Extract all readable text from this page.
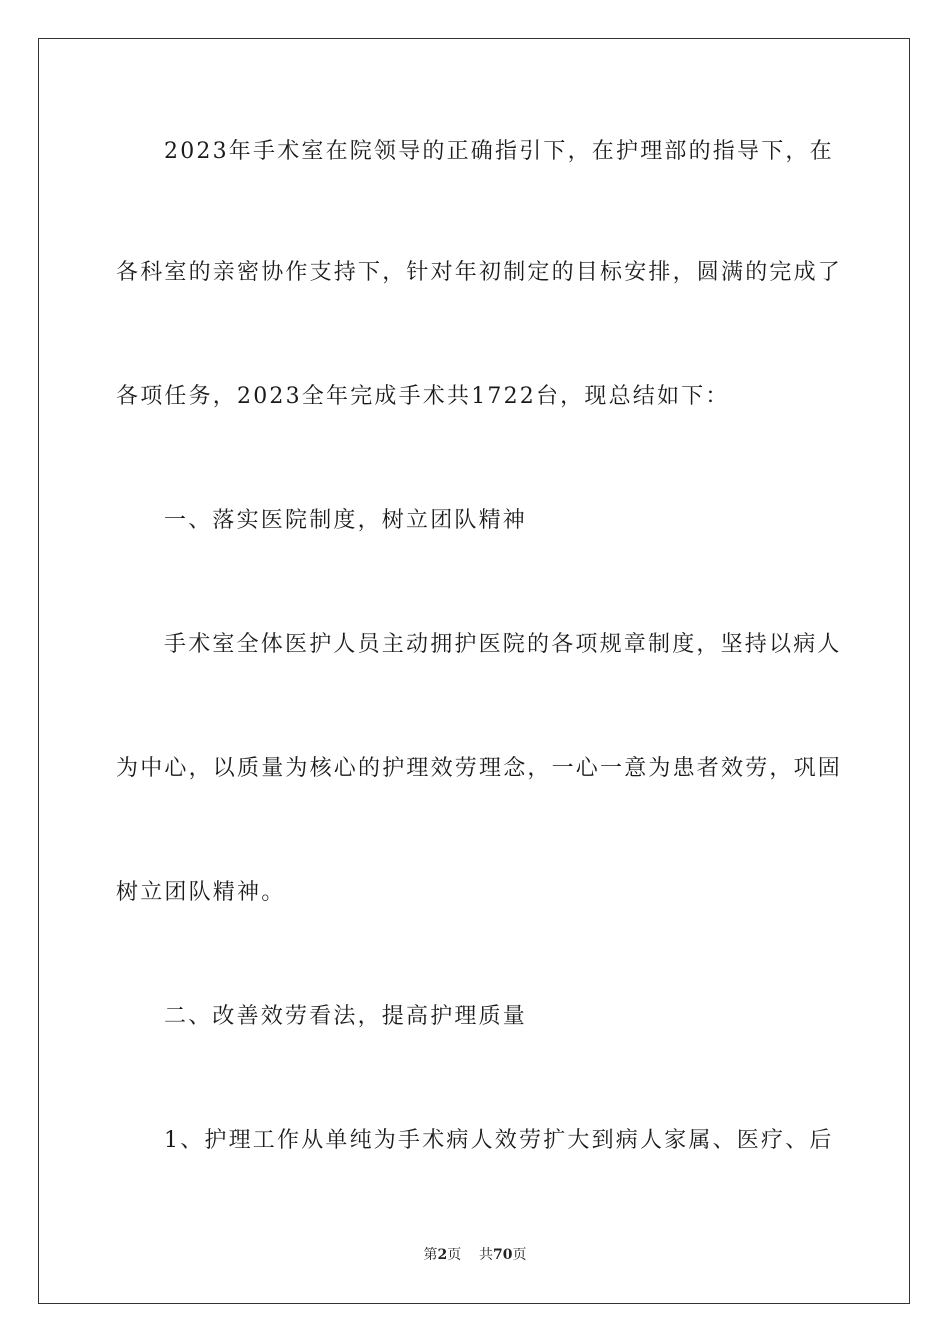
2023年手术室在院领导的正确指引下，在护理部的指导下，在
各科室的亲密协作支持下，针对年初制定的目标安排，圆满的完成了
各项任务，2023全年完成手术共1722台，现总结如下：
一、落实医院制度，树立团队精神
手术室全体医护人员主动拥护医院的各项规章制度，坚持以病人
为中心，以质量为核心的护理效劳理念，一心一意为患者效劳，巩固
树立团队精神。
二、改善效劳看法，提高护理质量
1、护理工作从单纯为手术病人效劳扩大到病人家属、医疗、后
第2页 共70页
